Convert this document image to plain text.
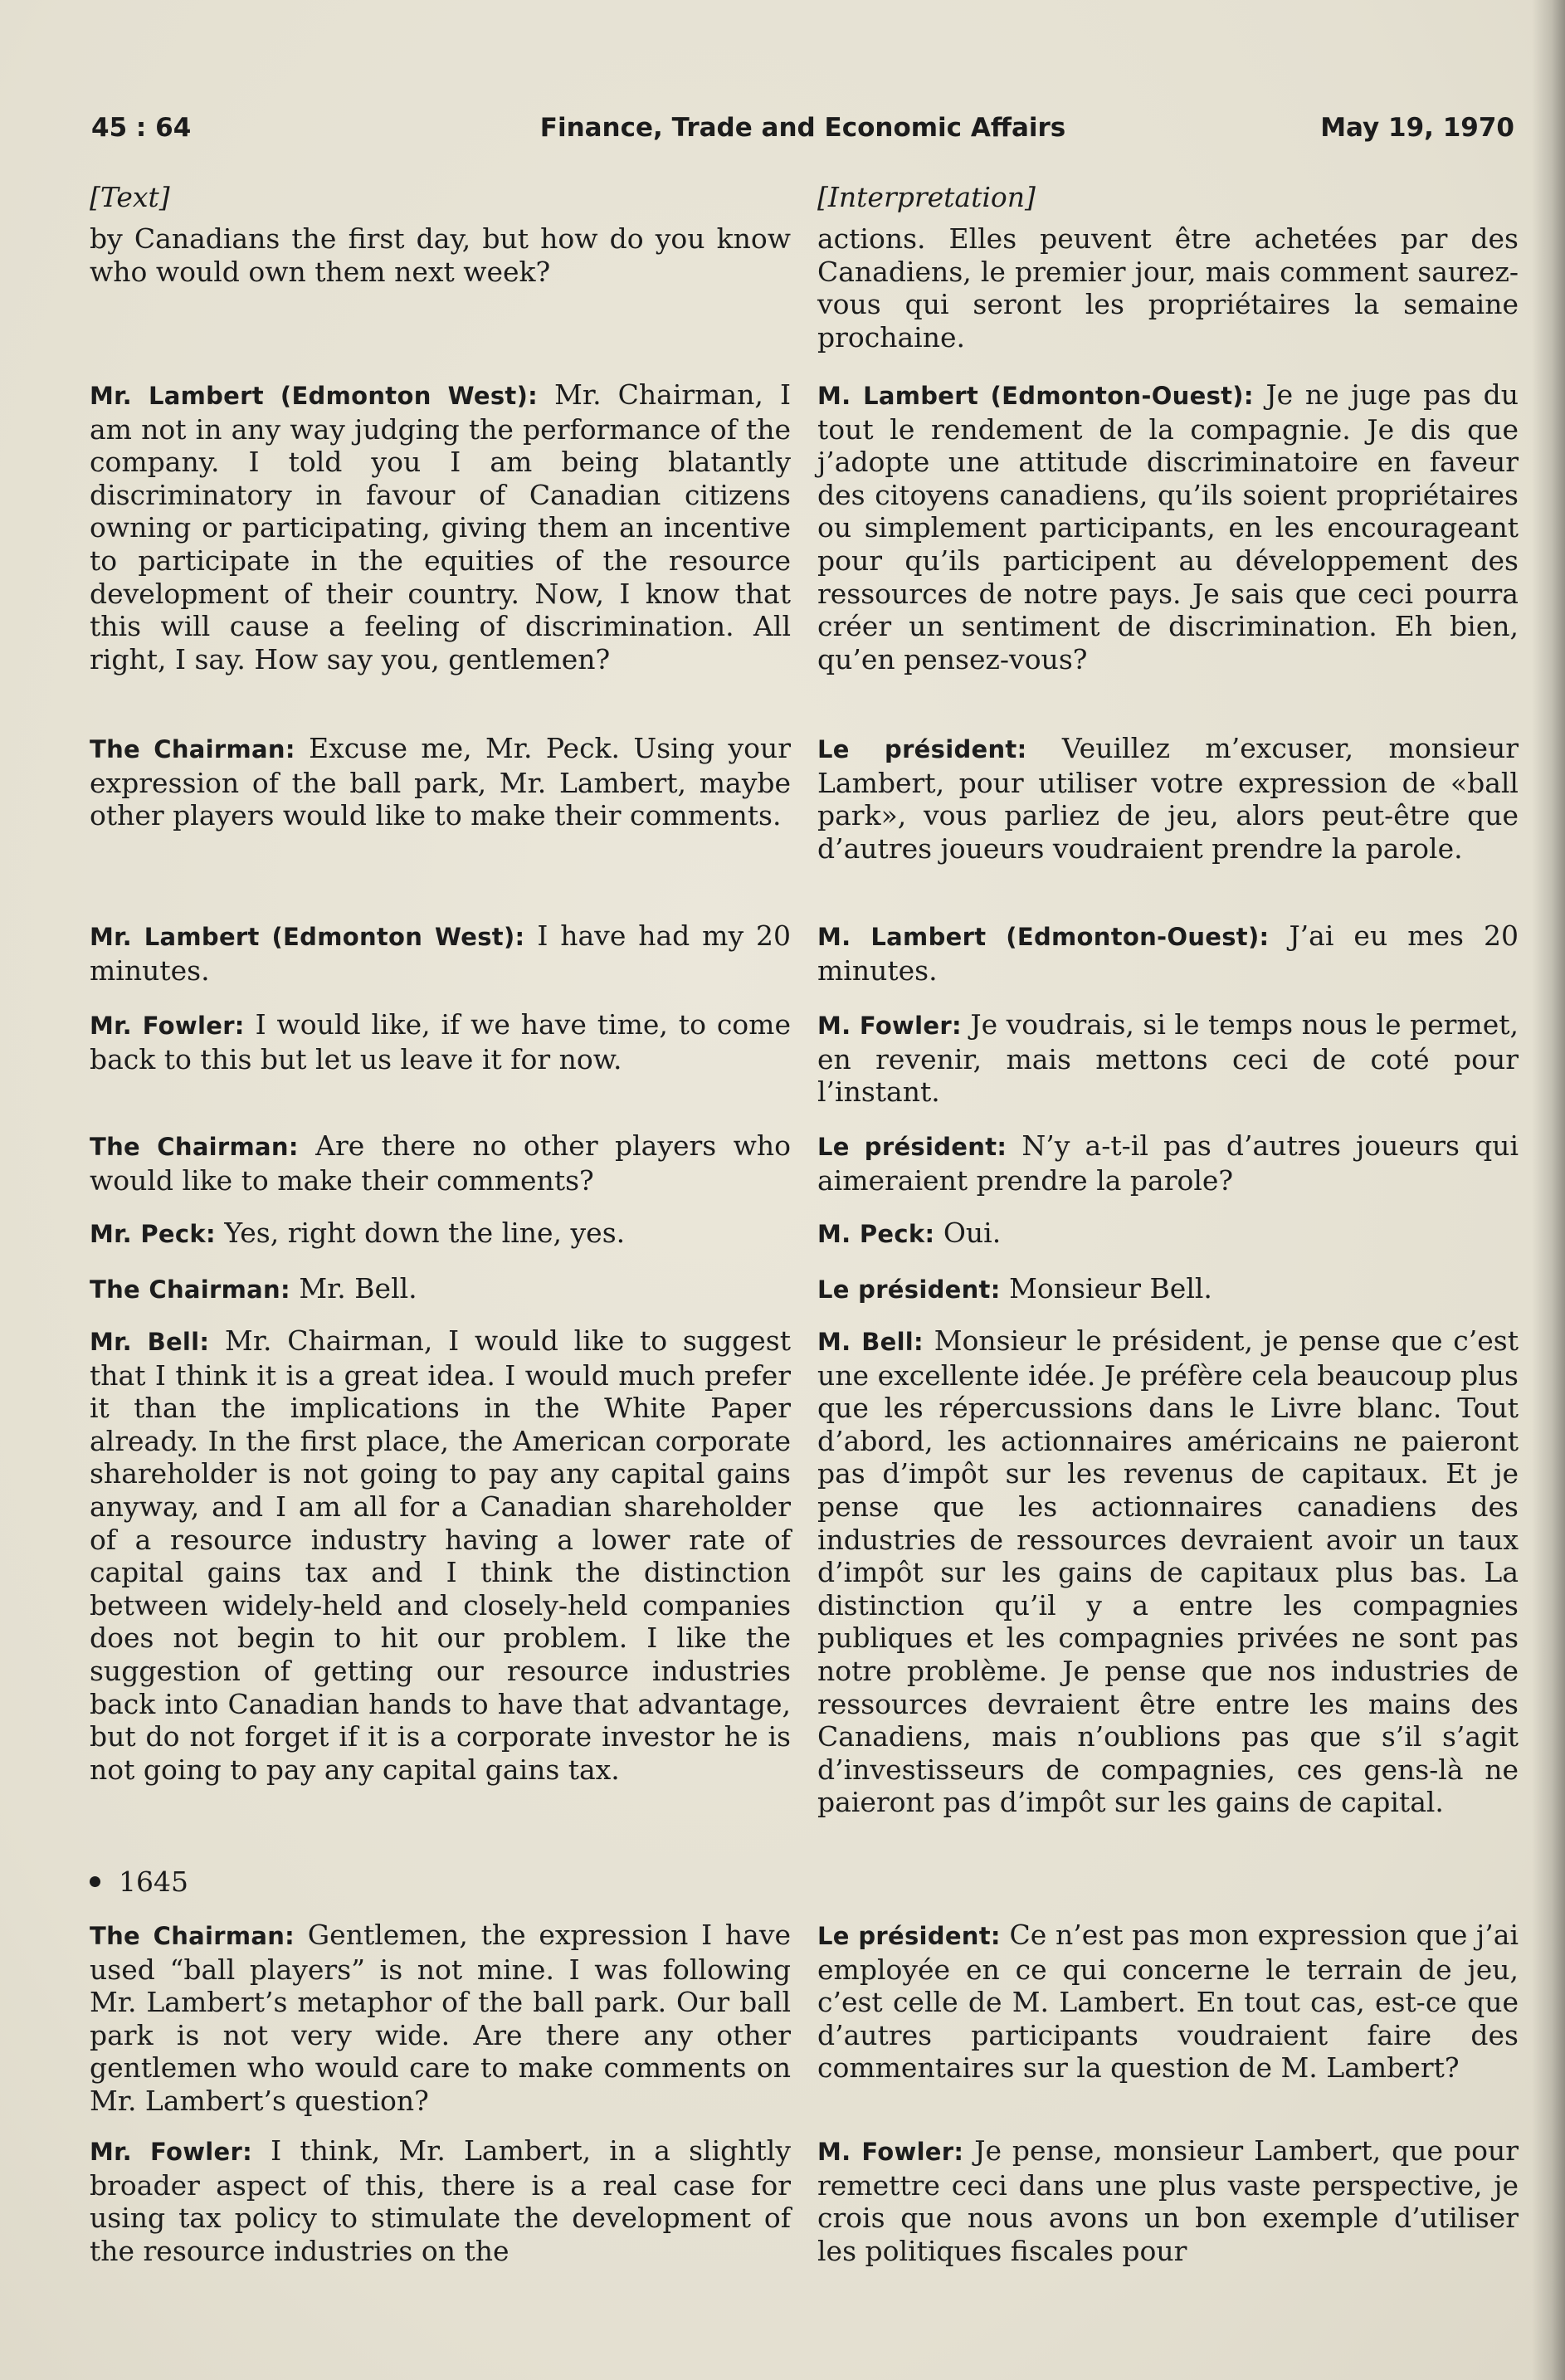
45 : 64	Finance, Trade and Economic Affairs	May 19, 1970

[Text]

by Canadians the first day, but how do you know who would own them next week?

Mr. Lambert (Edmonton West): Mr. Chairman, I am not in any way judging the performance of the company. I told you I am being blatantly discriminatory in favour of Canadian citizens owning or participating, giving them an incentive to participate in the equities of the resource development of their country. Now, I know that this will cause a feeling of discrimination. All right, I say. How say you, gentlemen?

The Chairman: Excuse me, Mr. Peck. Using your expression of the ball park, Mr. Lambert, maybe other players would like to make their comments.

Mr. Lambert (Edmonton West): I have had my 20 minutes.

Mr. Fowler: I would like, if we have time, to come back to this but let us leave it for now.

The Chairman: Are there no other players who would like to make their comments?

Mr. Peck: Yes, right down the line, yes.

The Chairman: Mr. Bell.

Mr. Bell: Mr. Chairman, I would like to suggest that I think it is a great idea. I would much prefer it than the implications in the White Paper already. In the first place, the American corporate shareholder is not going to pay any capital gains anyway, and I am all for a Canadian shareholder of a resource industry having a lower rate of capital gains tax and I think the distinction between widely-held and closely-held companies does not begin to hit our problem. I like the suggestion of getting our resource industries back into Canadian hands to have that advantage, but do not forget if it is a corporate investor he is not going to pay any capital gains tax.

The Chairman: Gentlemen, the expression I have used “ball players” is not mine. I was following Mr. Lambert’s metaphor of the ball park. Our ball park is not very wide. Are there any other gentlemen who would care to make comments on Mr. Lambert’s question?

Mr. Fowler: I think, Mr. Lambert, in a slightly broader aspect of this, there is a real case for using tax policy to stimulate the development of the resource industries on the

1645

[Interpretation]

actions. Elles peuvent être achetées par des Canadiens, le premier jour, mais comment saurez-vous qui seront les propriétaires la semaine prochaine.

M. Lambert (Edmonton-Ouest): Je ne juge pas du tout le rendement de la compagnie. Je dis que j’adopte une attitude discriminatoire en faveur des citoyens canadiens, qu’ils soient propriétaires ou simplement participants, en les encourageant pour qu’ils participent au développement des ressources de notre pays. Je sais que ceci pourra créer un sentiment de discrimination. Eh bien, qu’en pensez-vous?

Le président: Veuillez m’excuser, monsieur Lambert, pour utiliser votre expression de «ball park», vous parliez de jeu, alors peut-être que d’autres joueurs voudraient prendre la parole.

M. Lambert (Edmonton-Ouest): J’ai eu mes 20 minutes.

M. Fowler: Je voudrais, si le temps nous le permet, en revenir, mais mettons ceci de coté pour l’instant.

Le président: N’y a-t-il pas d’autres joueurs qui aimeraient prendre la parole?

M. Peck: Oui.

Le président: Monsieur Bell.

M. Bell: Monsieur le président, je pense que c’est une excellente idée. Je préfère cela beaucoup plus que les répercussions dans le Livre blanc. Tout d’abord, les actionnaires américains ne paieront pas d’impôt sur les revenus de capitaux. Et je pense que les actionnaires canadiens des industries de ressources devraient avoir un taux d’impôt sur les gains de capitaux plus bas. La distinction qu’il y a entre les compagnies publiques et les compagnies privées ne sont pas notre problème. Je pense que nos industries de ressources devraient être entre les mains des Canadiens, mais n’oublions pas que s’il s’agit d’investisseurs de compagnies, ces gens-là ne paieront pas d’impôt sur les gains de capital.

Le président: Ce n’est pas mon expression que j’ai employée en ce qui concerne le terrain de jeu, c’est celle de M. Lambert. En tout cas, est-ce que d’autres participants voudraient faire des commentaires sur la question de M. Lambert?

M. Fowler: Je pense, monsieur Lambert, que pour remettre ceci dans une plus vaste perspective, je crois que nous avons un bon exemple d’utiliser les politiques fiscales pour
